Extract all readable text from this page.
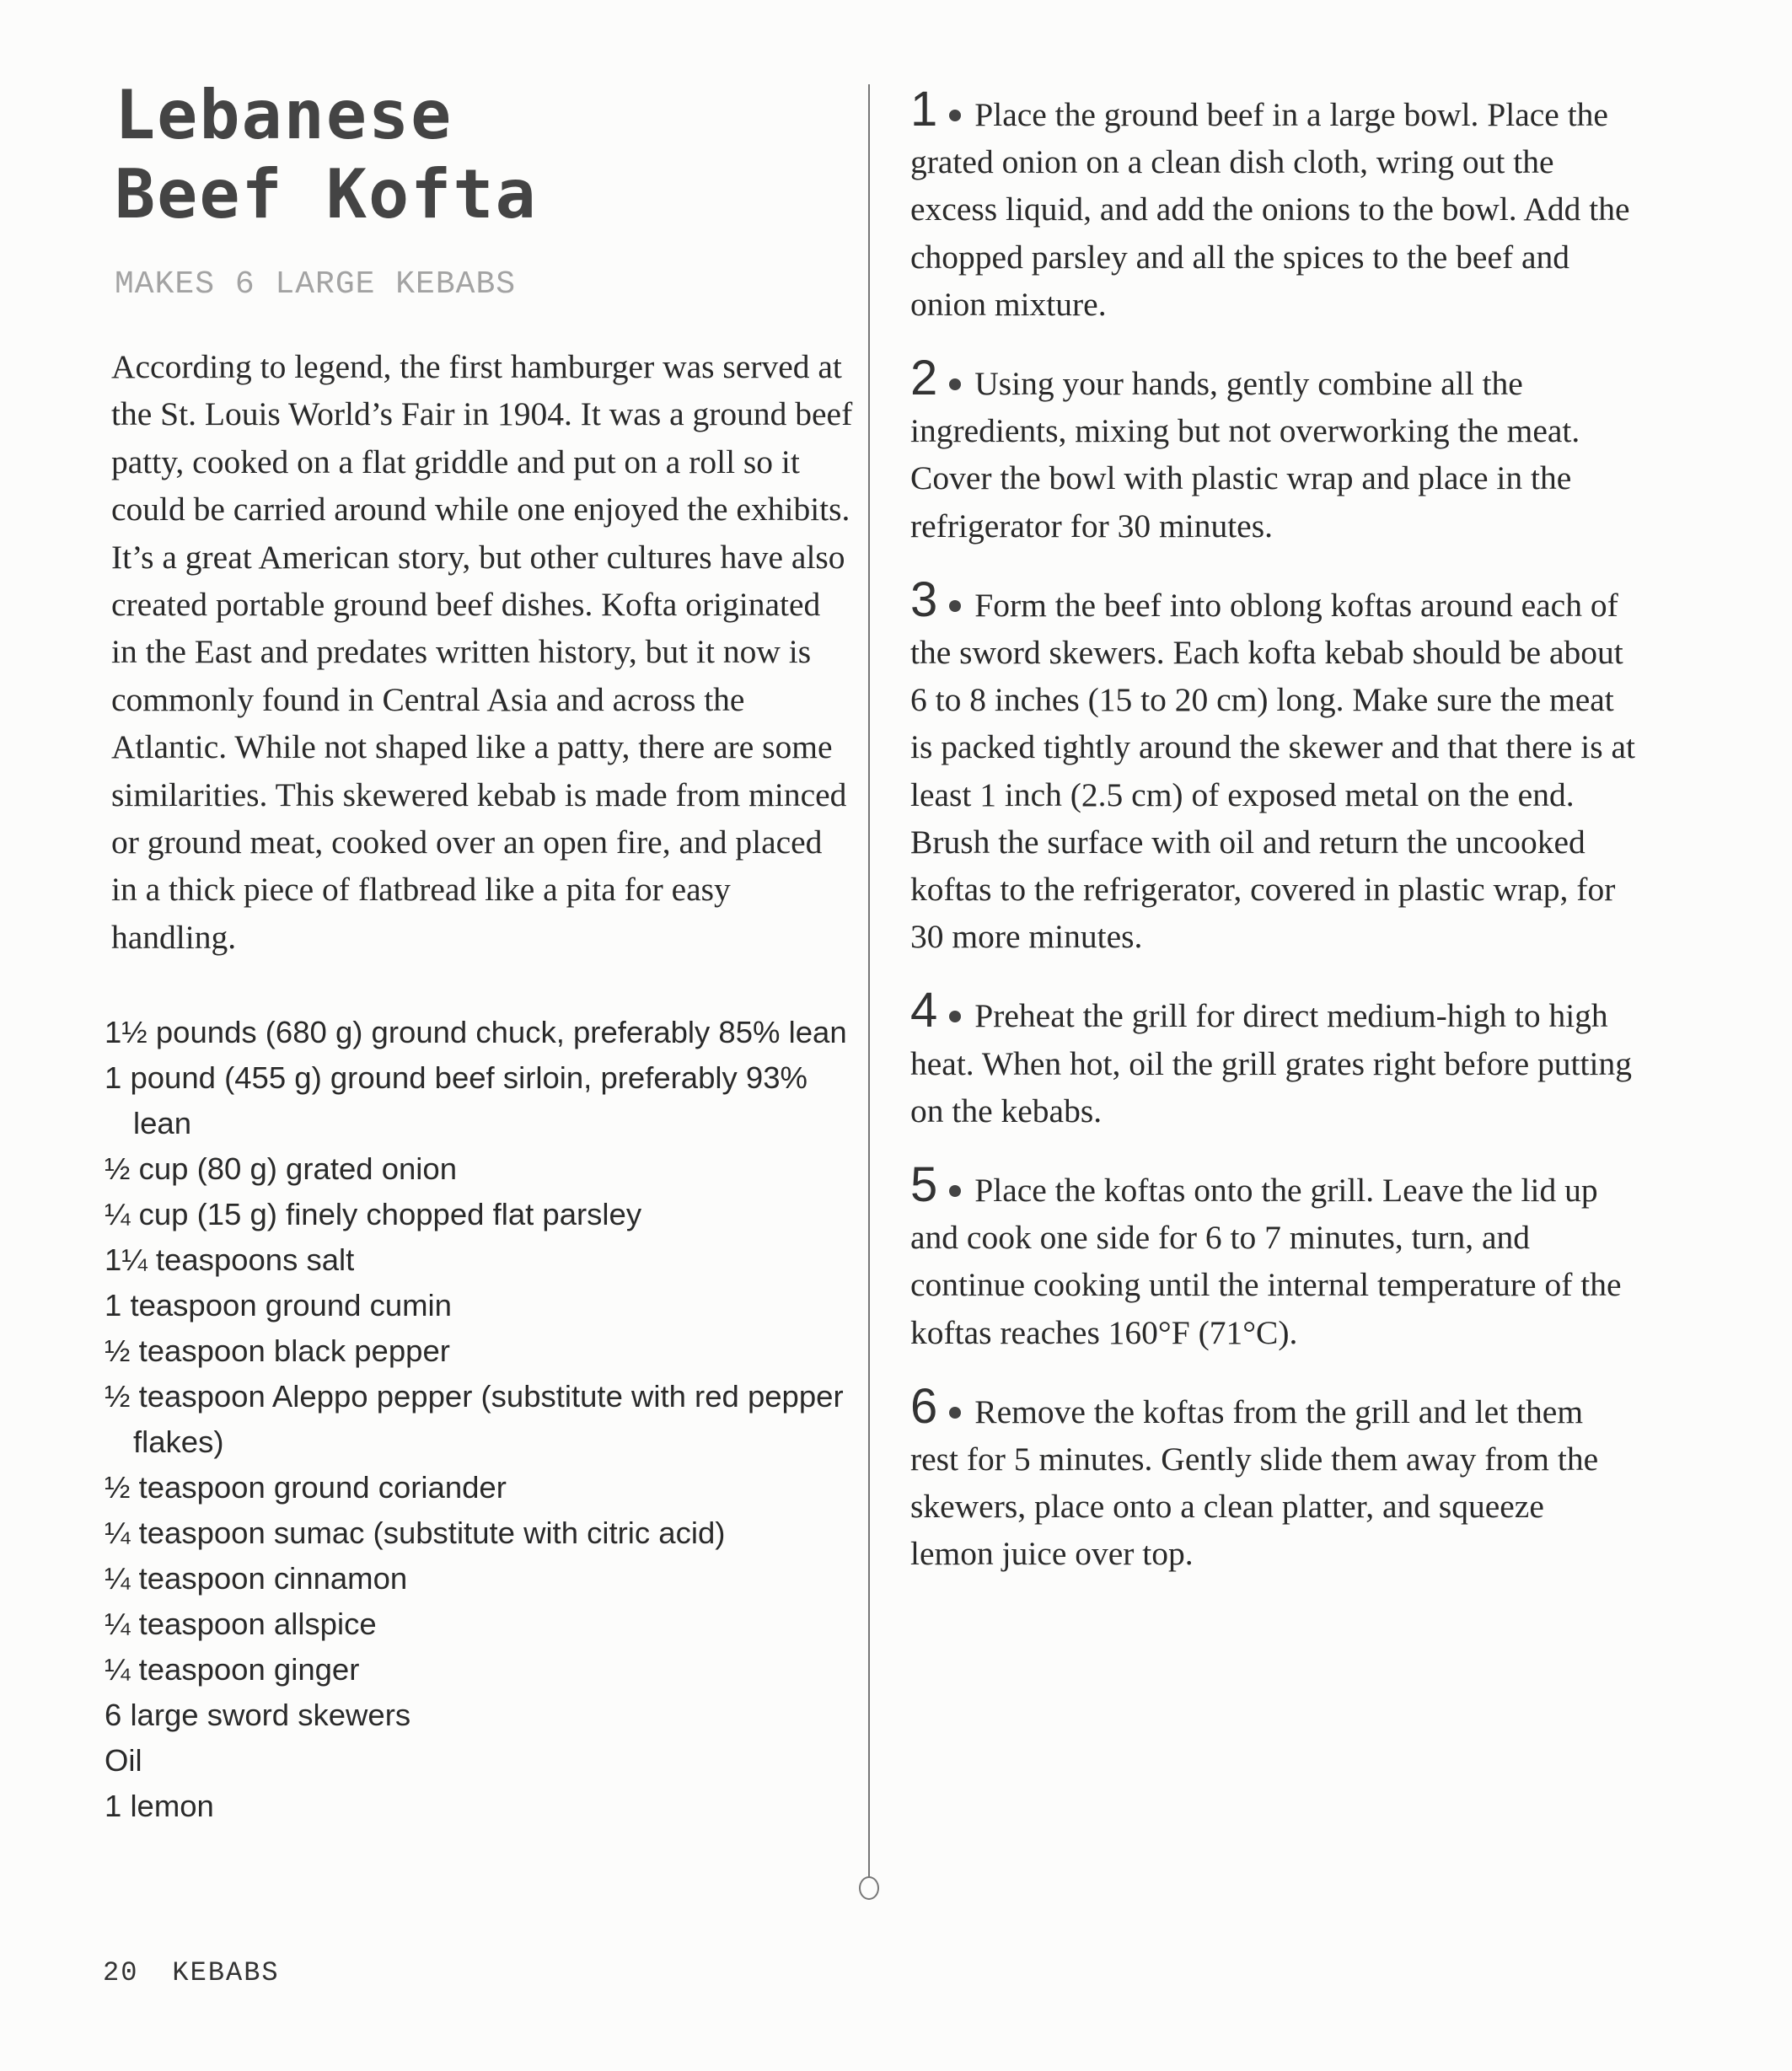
Lebanese
Beef Kofta
MAKES 6 LARGE KEBABS

According to legend, the first hamburger was served at the St. Louis World’s Fair in 1904. It was a ground beef patty, cooked on a flat griddle and put on a roll so it could be carried around while one enjoyed the exhibits. It’s a great American story, but other cultures have also created portable ground beef dishes. Kofta originated in the East and predates written history, but it now is commonly found in Central Asia and across the Atlantic. While not shaped like a patty, there are some similarities. This skewered kebab is made from minced or ground meat, cooked over an open fire, and placed in a thick piece of flatbread like a pita for easy handling.

1½ pounds (680 g) ground chuck, preferably 85% lean
1 pound (455 g) ground beef sirloin, preferably 93% lean
½ cup (80 g) grated onion
¼ cup (15 g) finely chopped flat parsley
1¼ teaspoons salt
1 teaspoon ground cumin
½ teaspoon black pepper
½ teaspoon Aleppo pepper (substitute with red pepper flakes)
½ teaspoon ground coriander
¼ teaspoon sumac (substitute with citric acid)
¼ teaspoon cinnamon
¼ teaspoon allspice
¼ teaspoon ginger
6 large sword skewers
Oil
1 lemon

1 Place the ground beef in a large bowl. Place the grated onion on a clean dish cloth, wring out the excess liquid, and add the onions to the bowl. Add the chopped parsley and all the spices to the beef and onion mixture.

2 Using your hands, gently combine all the ingredients, mixing but not overworking the meat. Cover the bowl with plastic wrap and place in the refrigerator for 30 minutes.

3 Form the beef into oblong koftas around each of the sword skewers. Each kofta kebab should be about 6 to 8 inches (15 to 20 cm) long. Make sure the meat is packed tightly around the skewer and that there is at least 1 inch (2.5 cm) of exposed metal on the end. Brush the surface with oil and return the uncooked koftas to the refrigerator, covered in plastic wrap, for 30 more minutes.

4 Preheat the grill for direct medium-high to high heat. When hot, oil the grill grates right before putting on the kebabs.

5 Place the koftas onto the grill. Leave the lid up and cook one side for 6 to 7 minutes, turn, and continue cooking until the internal temperature of the koftas reaches 160°F (71°C).

6 Remove the koftas from the grill and let them rest for 5 minutes. Gently slide them away from the skewers, place onto a clean platter, and squeeze lemon juice over top.

20 KEBABS
